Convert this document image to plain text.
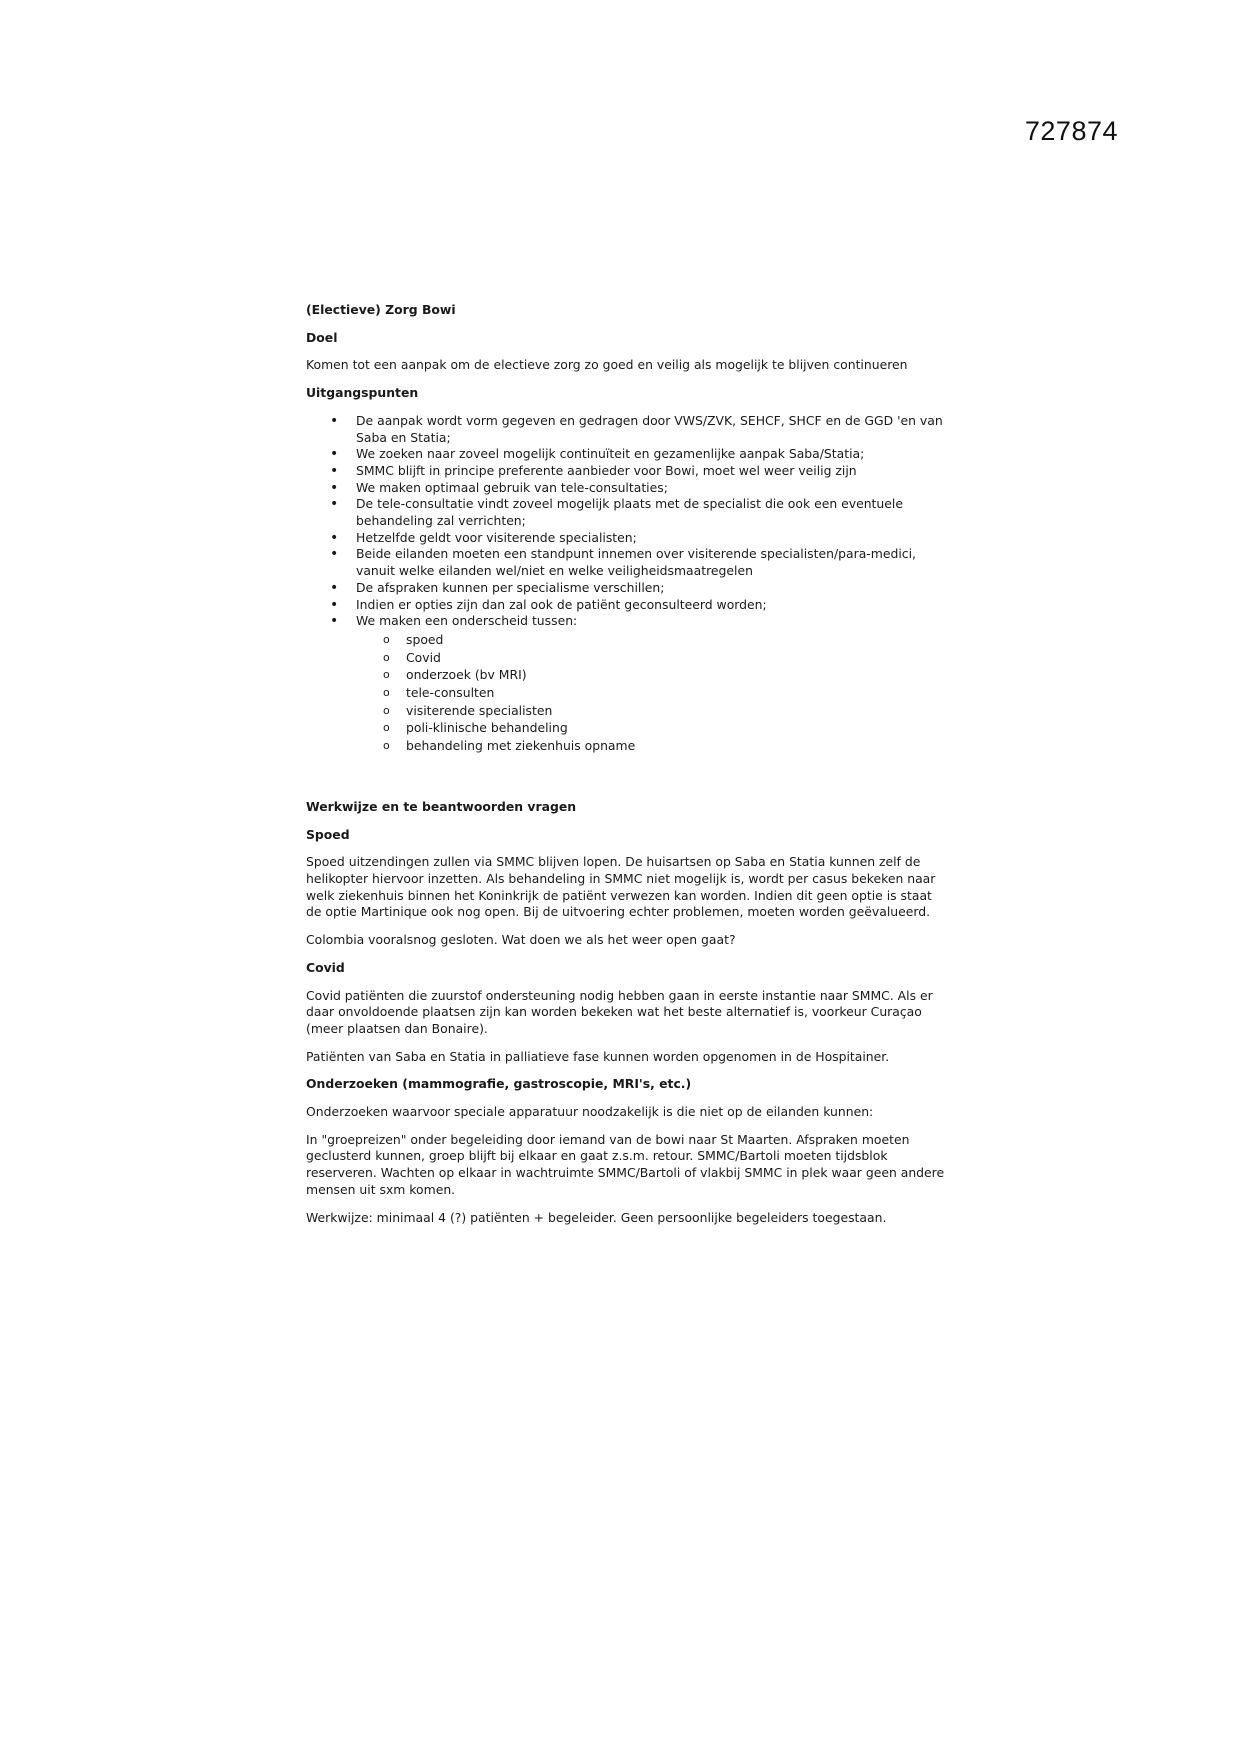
727874
(Electieve) Zorg Bowi
Doel
Komen tot een aanpak om de electieve zorg zo goed en veilig als mogelijk te blijven continueren
Uitgangspunten
• De aanpak wordt vorm gegeven en gedragen door VWS/ZVK, SEHCF, SHCF en de GGD 'en van Saba en Statia;
• We zoeken naar zoveel mogelijk continuïteit en gezamenlijke aanpak Saba/Statia;
• SMMC blijft in principe preferente aanbieder voor Bowi, moet wel weer veilig zijn
• We maken optimaal gebruik van tele-consultaties;
• De tele-consultatie vindt zoveel mogelijk plaats met de specialist die ook een eventuele behandeling zal verrichten;
• Hetzelfde geldt voor visiterende specialisten;
• Beide eilanden moeten een standpunt innemen over visiterende specialisten/para-medici, vanuit welke eilanden wel/niet en welke veiligheidsmaatregelen
• De afspraken kunnen per specialisme verschillen;
• Indien er opties zijn dan zal ook de patiënt geconsulteerd worden;
• We maken een onderscheid tussen:
o spoed
o Covid
o onderzoek (bv MRI)
o tele-consulten
o visiterende specialisten
o poli-klinische behandeling
o behandeling met ziekenhuis opname
Werkwijze en te beantwoorden vragen
Spoed
Spoed uitzendingen zullen via SMMC blijven lopen. De huisartsen op Saba en Statia kunnen zelf de helikopter hiervoor inzetten. Als behandeling in SMMC niet mogelijk is, wordt per casus bekeken naar welk ziekenhuis binnen het Koninkrijk de patiënt verwezen kan worden. Indien dit geen optie is staat de optie Martinique ook nog open. Bij de uitvoering echter problemen, moeten worden geëvalueerd.
Colombia vooralsnog gesloten. Wat doen we als het weer open gaat?
Covid
Covid patiënten die zuurstof ondersteuning nodig hebben gaan in eerste instantie naar SMMC. Als er daar onvoldoende plaatsen zijn kan worden bekeken wat het beste alternatief is, voorkeur Curaçao (meer plaatsen dan Bonaire).
Patiënten van Saba en Statia in palliatieve fase kunnen worden opgenomen in de Hospitainer.
Onderzoeken (mammografie, gastroscopie, MRI's, etc.)
Onderzoeken waarvoor speciale apparatuur noodzakelijk is die niet op de eilanden kunnen:
In "groepreizen" onder begeleiding door iemand van de bowi naar St Maarten. Afspraken moeten geclusterd kunnen, groep blijft bij elkaar en gaat z.s.m. retour. SMMC/Bartoli moeten tijdsblok reserveren. Wachten op elkaar in wachtruimte SMMC/Bartoli of vlakbij SMMC in plek waar geen andere mensen uit sxm komen.
Werkwijze: minimaal 4 (?) patiënten + begeleider. Geen persoonlijke begeleiders toegestaan.
